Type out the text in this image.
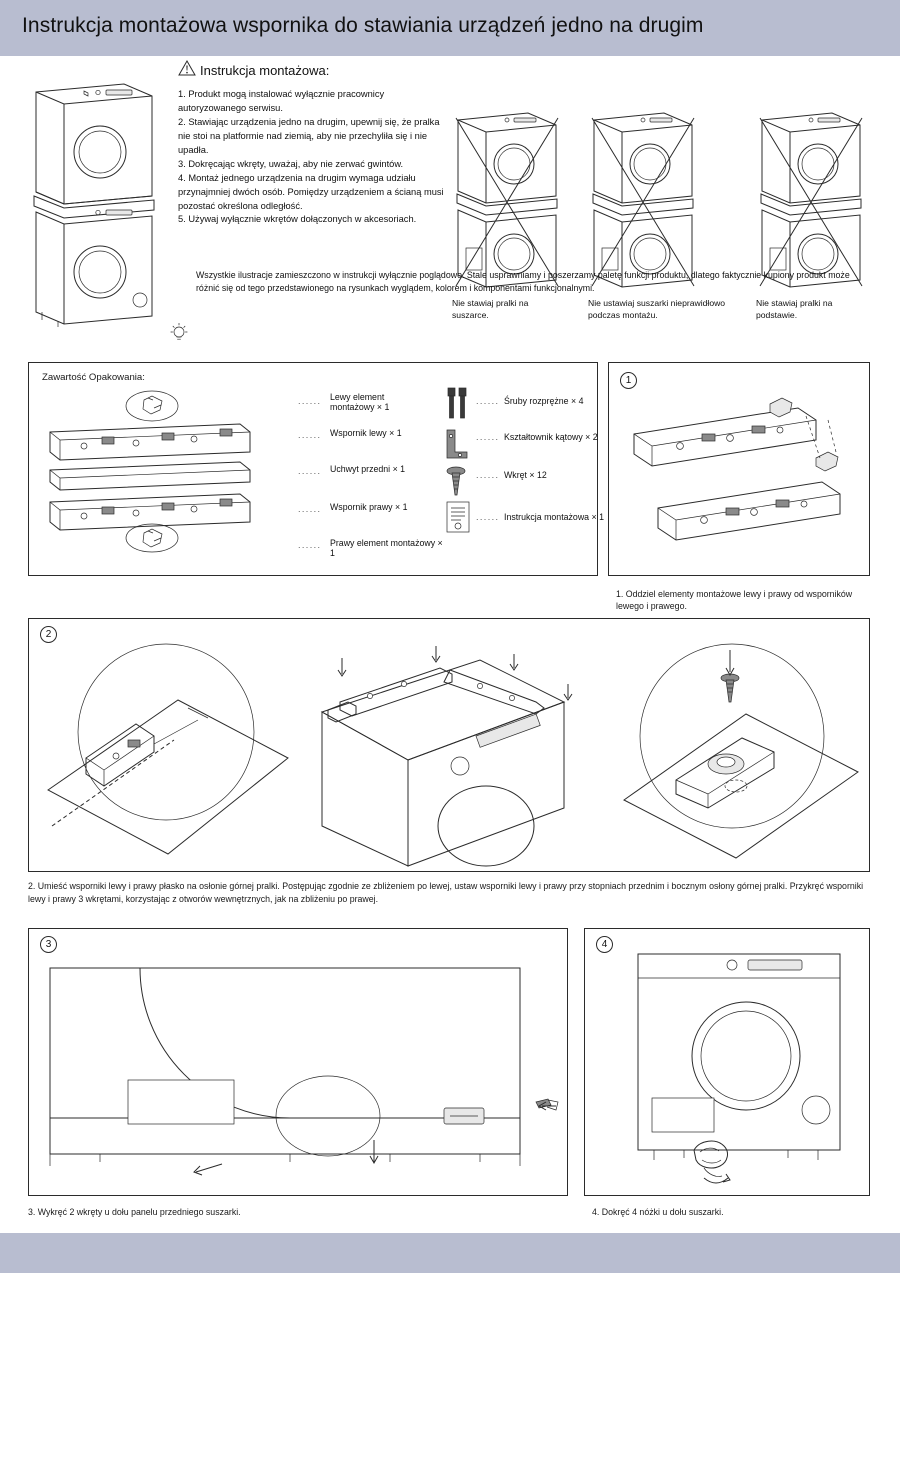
Instrukcja montażowa wspornika do stawiania urządzeń jedno na drugim
Instrukcja montażowa:

1. Produkt mogą instalować wyłącznie pracownicy autoryzowanego serwisu.

2. Stawiając urządzenia jedno na drugim, upewnij się, że pralka nie stoi na platformie nad ziemią, aby nie przechyliła się i nie upadła.

3. Dokręcając wkręty, uważaj, aby nie zerwać gwintów.

4. Montaż jednego urządzenia na drugim wymaga udziału przynajmniej dwóch osób. Pomiędzy urządzeniem a ścianą musi pozostać określona odległość.

5. Używaj wyłącznie wkrętów dołączonych w akcesoriach.

Nie stawiaj pralki na suszarce.
Nie ustawiaj suszarki nieprawidłowo podczas montażu.
Nie stawiaj pralki na podstawie.
Wszystkie ilustracje zamieszczono w instrukcji wyłącznie poglądowo. Stale usprawniamy i poszerzamy paletę funkcji produktu, dlatego faktycznie kupiony produkt może różnić się od tego przedstawionego na rysunkach wyglądem, kolorem i komponentami funkcjonalnymi.
Zawartość Opakowania:
...... Lewy element montażowy × 1
...... Wspornik lewy × 1
...... Uchwyt przedni × 1
...... Wspornik prawy × 1
...... Prawy element montażowy × 1
...... Śruby rozprężne × 4
...... Kształtownik kątowy × 2
...... Wkręt × 12
...... Instrukcja montażowa × 1
1
1. Oddziel elementy montażowe lewy i prawy od wsporników lewego i prawego.
2
2. Umieść wsporniki lewy i prawy płasko na osłonie górnej pralki. Postępując zgodnie ze zbliżeniem po lewej, ustaw wsporniki lewy i prawy przy stopniach przednim i bocznym osłony górnej pralki. Przykręć wsporniki lewy i prawy 3 wkrętami, korzystając z otworów wewnętrznych, jak na zbliżeniu po prawej.
3
3. Wykręć 2 wkręty u dołu panelu przedniego suszarki.
4
4. Dokręć 4 nóżki u dołu suszarki.
